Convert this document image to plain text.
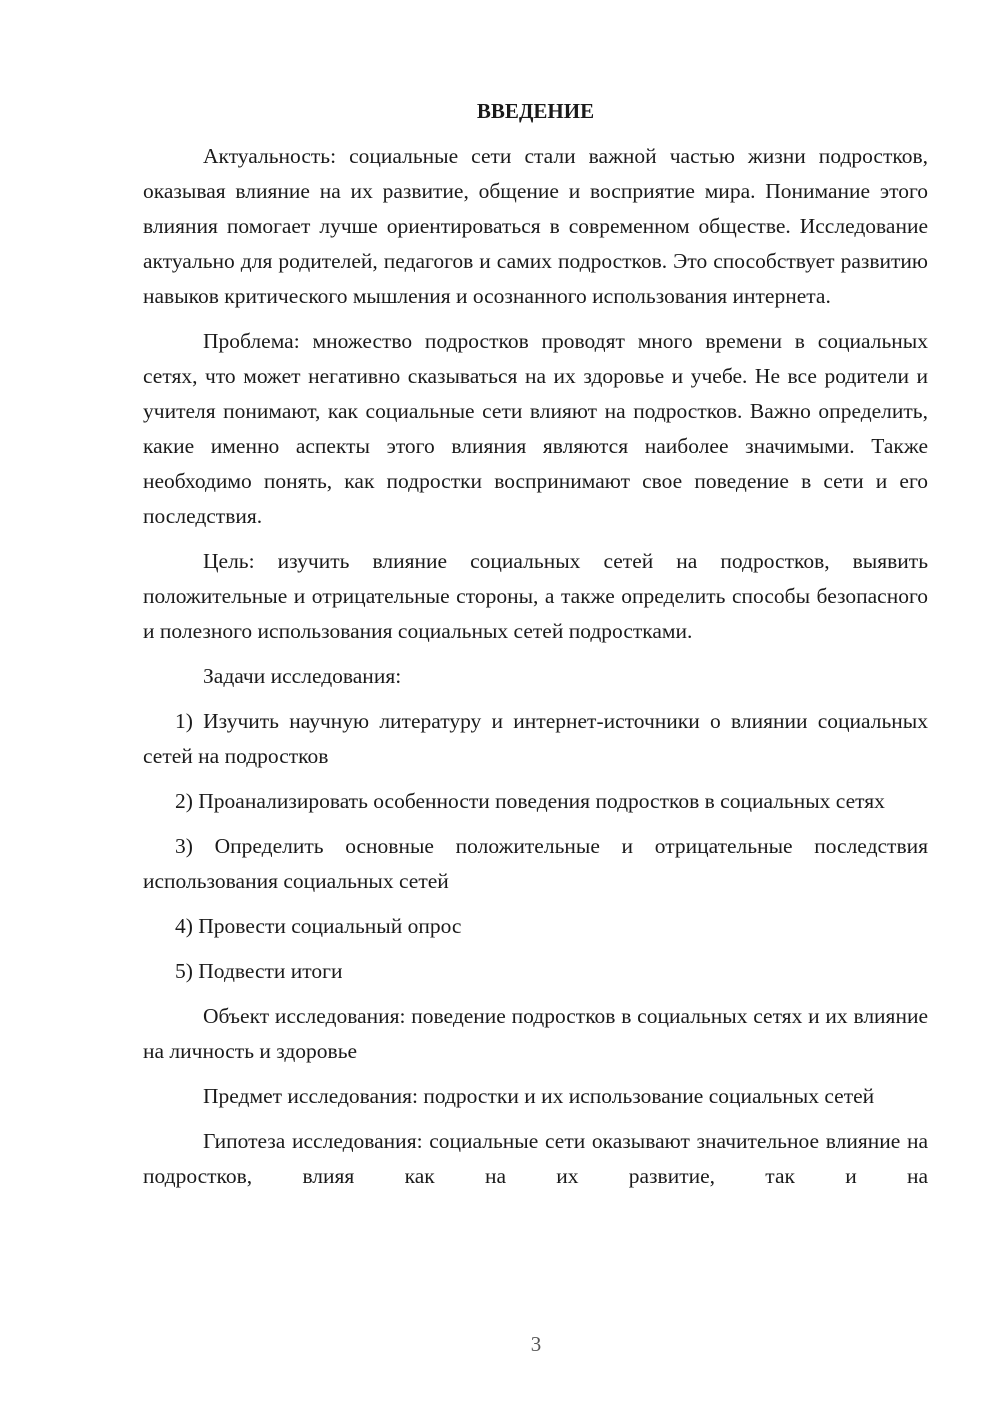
ВВЕДЕНИЕ

Актуальность: социальные сети стали важной частью жизни подростков, оказывая влияние на их развитие, общение и восприятие мира. Понимание этого влияния помогает лучше ориентироваться в современном обществе. Исследование актуально для родителей, педагогов и самих подростков. Это способствует развитию навыков критического мышления и осознанного использования интернета.

Проблема: множество подростков проводят много времени в социальных сетях, что может негативно сказываться на их здоровье и учебе. Не все родители и учителя понимают, как социальные сети влияют на подростков. Важно определить, какие именно аспекты этого влияния являются наиболее значимыми. Также необходимо понять, как подростки воспринимают свое поведение в сети и его последствия.

Цель: изучить влияние социальных сетей на подростков, выявить положительные и отрицательные стороны, а также определить способы безопасного и полезного использования социальных сетей подростками.

Задачи исследования:

1) Изучить научную литературу и интернет-источники о влиянии социальных сетей на подростков

2) Проанализировать особенности поведения подростков в социальных сетях

3) Определить основные положительные и отрицательные последствия использования социальных сетей

4) Провести социальный опрос

5) Подвести итоги

Объект исследования: поведение подростков в социальных сетях и их влияние на личность и здоровье

Предмет исследования: подростки и их использование социальных сетей

Гипотеза исследования: социальные сети оказывают значительное влияние на подростков, влияя как на их развитие, так и на

3
